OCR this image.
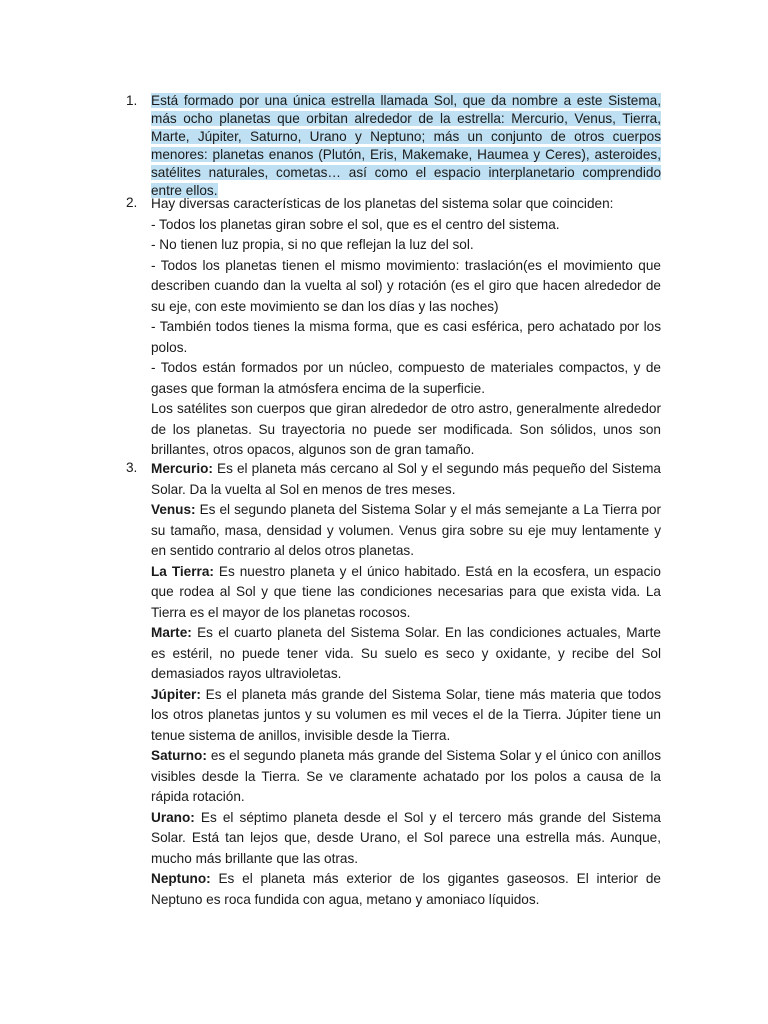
1.	Está formado por una única estrella llamada Sol, que da nombre a este Sistema, más ocho planetas que orbitan alrededor de la estrella: Mercurio, Venus, Tierra, Marte, Júpiter, Saturno, Urano y Neptuno; más un conjunto de otros cuerpos menores: planetas enanos (Plutón, Eris, Makemake, Haumea y Ceres), asteroides, satélites naturales, cometas… así como el espacio interplanetario comprendido entre ellos.
2.	Hay diversas características de los planetas del sistema solar que coinciden:
- Todos los planetas giran sobre el sol, que es el centro del sistema.
- No tienen luz propia, si no que reflejan la luz del sol.
- Todos los planetas tienen el mismo movimiento: traslación(es el movimiento que describen cuando dan la vuelta al sol) y rotación (es el giro que hacen alrededor de su eje, con este movimiento se dan los días y las noches)
- También todos tienes la misma forma, que es casi esférica, pero achatado por los polos.
- Todos están formados por un núcleo, compuesto de materiales compactos, y de gases que forman la atmósfera encima de la superficie.
Los satélites son cuerpos que giran alrededor de otro astro, generalmente alrededor de los planetas. Su trayectoria no puede ser modificada. Son sólidos, unos son brillantes, otros opacos, algunos son de gran tamaño.
3.	Mercurio: Es el planeta más cercano al Sol y el segundo más pequeño del Sistema Solar. Da la vuelta al Sol en menos de tres meses.
Venus: Es el segundo planeta del Sistema Solar y el más semejante a La Tierra por su tamaño, masa, densidad y volumen. Venus gira sobre su eje muy lentamente y en sentido contrario al delos otros planetas.
La Tierra: Es nuestro planeta y el único habitado. Está en la ecosfera, un espacio que rodea al Sol y que tiene las condiciones necesarias para que exista vida. La Tierra es el mayor de los planetas rocosos.
Marte: Es el cuarto planeta del Sistema Solar. En las condiciones actuales, Marte es estéril, no puede tener vida. Su suelo es seco y oxidante, y recibe del Sol demasiados rayos ultravioletas.
Júpiter: Es el planeta más grande del Sistema Solar, tiene más materia que todos los otros planetas juntos y su volumen es mil veces el de la Tierra. Júpiter tiene un tenue sistema de anillos, invisible desde la Tierra.
Saturno: es el segundo planeta más grande del Sistema Solar y el único con anillos visibles desde la Tierra. Se ve claramente achatado por los polos a causa de la rápida rotación.
Urano: Es el séptimo planeta desde el Sol y el tercero más grande del Sistema Solar. Está tan lejos que, desde Urano, el Sol parece una estrella más. Aunque, mucho más brillante que las otras.
Neptuno: Es el planeta más exterior de los gigantes gaseosos. El interior de Neptuno es roca fundida con agua, metano y amoniaco líquidos.
